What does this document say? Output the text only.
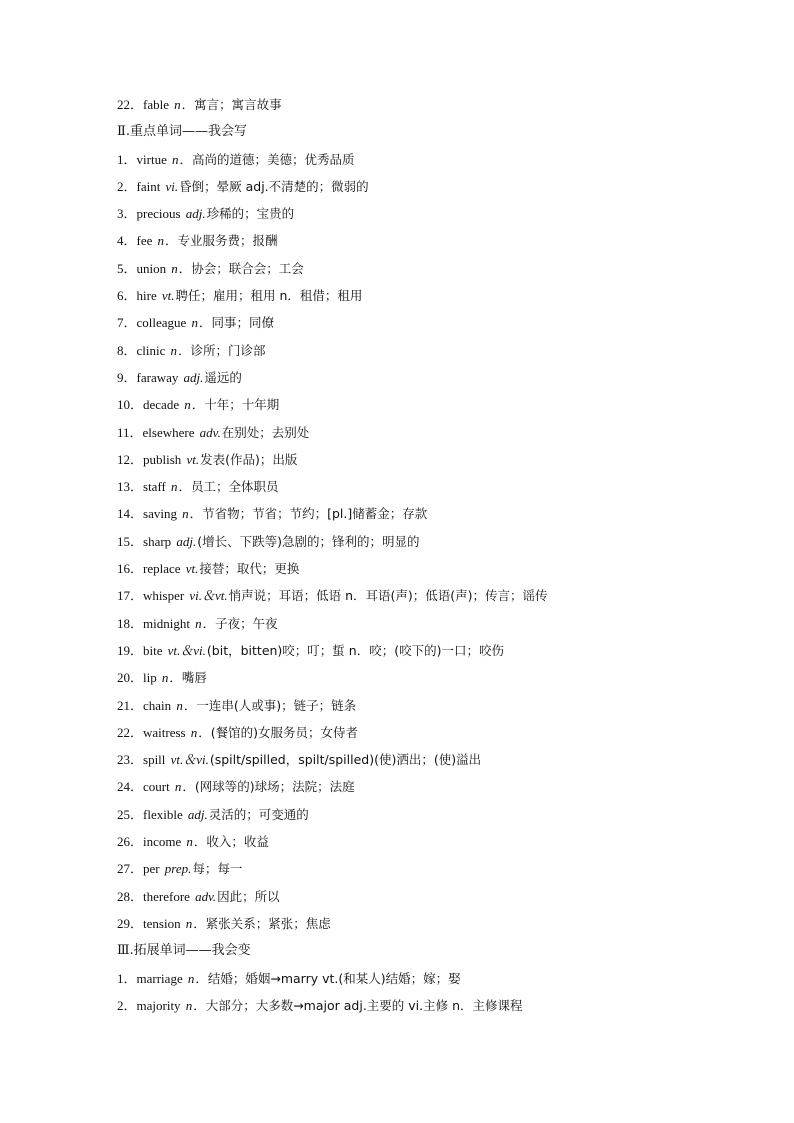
22．fable n．寓言；寓言故事
Ⅱ.重点单词——我会写
1．virtue n．高尚的道德；美德；优秀品质
2．faint vi.昏倒；晕厥 adj.不清楚的；微弱的
3．precious adj.珍稀的；宝贵的
4．fee n．专业服务费；报酬
5．union n．协会；联合会；工会
6．hire vt.聘任；雇用；租用 n．租借；租用
7．colleague n．同事；同僚
8．clinic n．诊所；门诊部
9．faraway adj.遥远的
10．decade n．十年；十年期
11．elsewhere adv.在别处；去别处
12．publish vt.发表(作品)；出版
13．staff n．员工；全体职员
14．saving n．节省物；节省；节约；[pl.]储蓄金；存款
15．sharp adj.(增长、下跌等)急剧的；锋利的；明显的
16．replace vt.接替；取代；更换
17．whisper vi.＆vt.悄声说；耳语；低语 n．耳语(声)；低语(声)；传言；谣传
18．midnight n．子夜；午夜
19．bite vt.＆vi.(bit，bitten)咬；叮；蜇 n．咬；(咬下的)一口；咬伤
20．lip n．嘴唇
21．chain n．一连串(人或事)；链子；链条
22．waitress n．(餐馆的)女服务员；女侍者
23．spill vt.＆vi.(spilt/spilled，spilt/spilled)(使)洒出；(使)溢出
24．court n．(网球等的)球场；法院；法庭
25．flexible adj.灵活的；可变通的
26．income n．收入；收益
27．per prep.每；每一
28．therefore adv.因此；所以
29．tension n．紧张关系；紧张；焦虑
Ⅲ.拓展单词——我会变
1．marriage n．结婚；婚姻→marry vt.(和某人)结婚；嫁；娶
2．majority n．大部分；大多数→major adj.主要的 vi.主修 n．主修课程
